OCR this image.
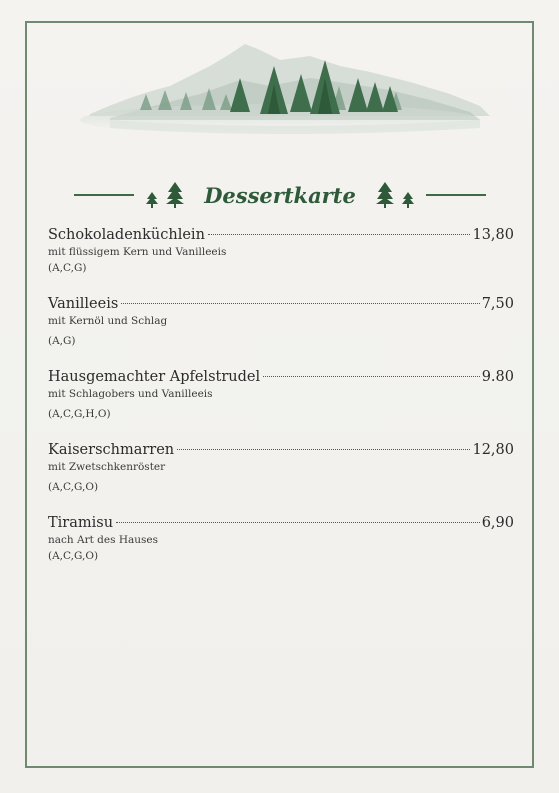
Dessertkarte
Schokoladenküchlein	13,80
mit flüssigem Kern und Vanilleeis
(A,C,G)
Vanilleeis	7,50
mit Kernöl und Schlag
(A,G)
Hausgemachter Apfelstrudel	9.80
mit Schlagobers und Vanilleeis
(A,C,G,H,O)
Kaiserschmarren	12,80
mit Zwetschkenröster
(A,C,G,O)
Tiramisu	6,90
nach Art des Hauses
(A,C,G,O)
